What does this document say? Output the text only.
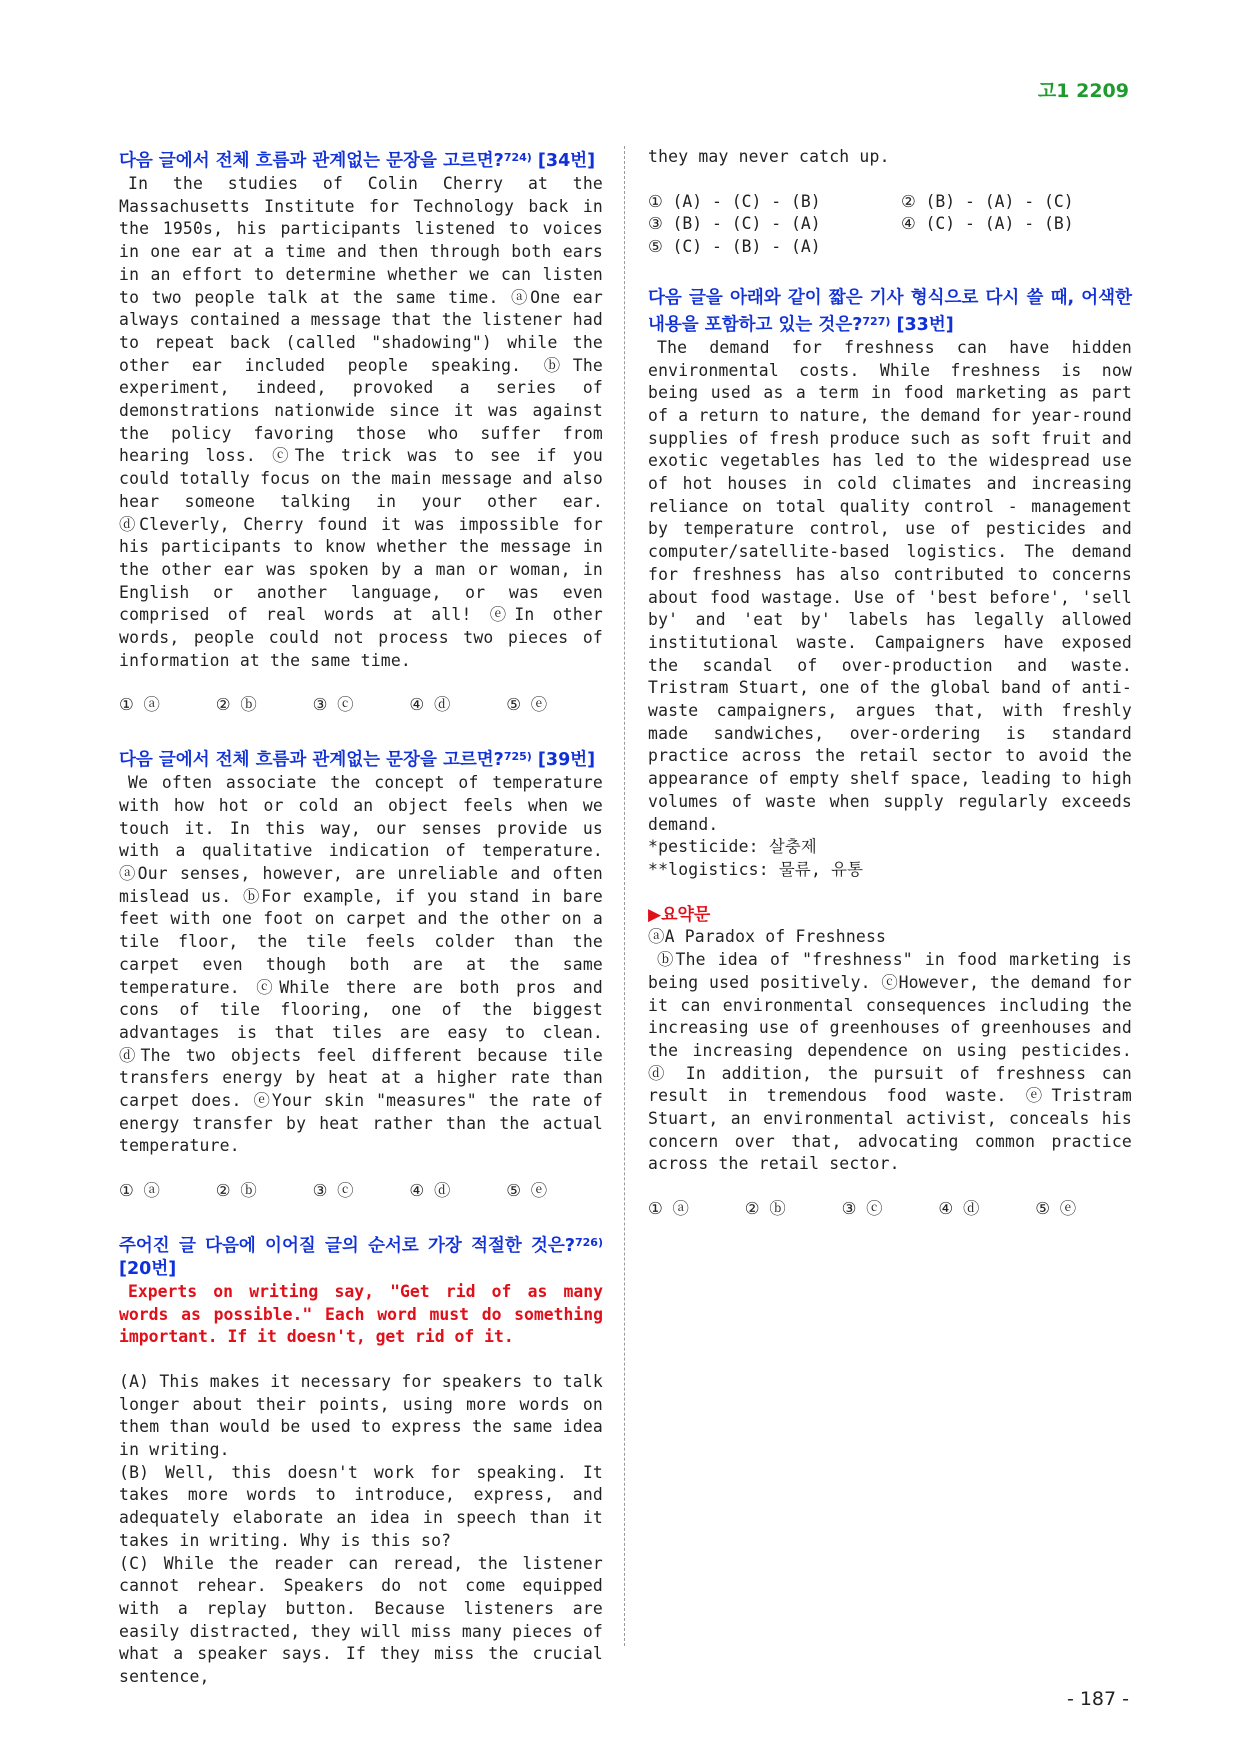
고1 2209

다음 글에서 전체 흐름과 관계없는 문장을 고르면?$^{724)}$ [34번]

In the studies of Colin Cherry at the Massachusetts Institute for Technology back in the 1950s, his participants listened to voices in one ear at a time and then through both ears in an effort to determine whether we can listen to two people talk at the same time. ⓐOne ear always contained a message that the listener had to repeat back (called "shadowing") while the other ear included people speaking. ⓑThe experiment, indeed, provoked a series of demonstrations nationwide since it was against the policy favoring those who suffer from hearing loss. ⓒThe trick was to see if you could totally focus on the main message and also hear someone talking in your other ear. ⓓCleverly, Cherry found it was impossible for his participants to know whether the message in the other ear was spoken by a man or woman, in English or another language, or was even comprised of real words at all! ⓔIn other words, people could not process two pieces of information at the same time.

① ⓐ	② ⓑ	③ ⓒ	④ ⓓ	⑤ ⓔ

다음 글에서 전체 흐름과 관계없는 문장을 고르면?$^{725)}$ [39번]

We often associate the concept of temperature with how hot or cold an object feels when we touch it. In this way, our senses provide us with a qualitative indication of temperature. ⓐOur senses, however, are unreliable and often mislead us. ⓑFor example, if you stand in bare feet with one foot on carpet and the other on a tile floor, the tile feels colder than the carpet even though both are at the same temperature. ⓒWhile there are both pros and cons of tile flooring, one of the biggest advantages is that tiles are easy to clean. ⓓThe two objects feel different because tile transfers energy by heat at a higher rate than carpet does. ⓔYour skin "measures" the rate of energy transfer by heat rather than the actual temperature.

① ⓐ	② ⓑ	③ ⓒ	④ ⓓ	⑤ ⓔ

주어진 글 다음에 이어질 글의 순서로 가장 적절한 것은?$^{726)}$ [20번]

Experts on writing say, "Get rid of as many words as possible." Each word must do something important. If it doesn't, get rid of it.

(A) This makes it necessary for speakers to talk longer about their points, using more words on them than would be used to express the same idea in writing.

(B) Well, this doesn't work for speaking. It takes more words to introduce, express, and adequately elaborate an idea in speech than it takes in writing. Why is this so?

(C) While the reader can reread, the listener cannot rehear. Speakers do not come equipped with a replay button. Because listeners are easily distracted, they will miss many pieces of what a speaker says. If they miss the crucial sentence,

they may never catch up.

① (A) - (C) - (B)	② (B) - (A) - (C)
③ (B) - (C) - (A)	④ (C) - (A) - (B)
⑤ (C) - (B) - (A)

다음 글을 아래와 같이 짧은 기사 형식으로 다시 쓸 때, 어색한 내용을 포함하고 있는 것은?$^{727)}$ [33번]

The demand for freshness can have hidden environmental costs. While freshness is now being used as a term in food marketing as part of a return to nature, the demand for year-round supplies of fresh produce such as soft fruit and exotic vegetables has led to the widespread use of hot houses in cold climates and increasing reliance on total quality control - management by temperature control, use of pesticides and computer/satellite-based logistics. The demand for freshness has also contributed to concerns about food wastage. Use of 'best before', 'sell by' and 'eat by' labels has legally allowed institutional waste. Campaigners have exposed the scandal of over-production and waste. Tristram Stuart, one of the global band of anti-waste campaigners, argues that, with freshly made sandwiches, over-ordering is standard practice across the retail sector to avoid the appearance of empty shelf space, leading to high volumes of waste when supply regularly exceeds demand.

*pesticide: 살충제

**logistics: 물류, 유통

▶요약문

ⓐA Paradox of Freshness

ⓑThe idea of "freshness" in food marketing is being used positively. ⓒHowever, the demand for it can environmental consequences including the increasing use of greenhouses of greenhouses and the increasing dependence on using pesticides. ⓓ In addition, the pursuit of freshness can result in tremendous food waste. ⓔTristram Stuart, an environmental activist, conceals his concern over that, advocating common practice across the retail sector.

① ⓐ	② ⓑ	③ ⓒ	④ ⓓ	⑤ ⓔ
- 187 -
